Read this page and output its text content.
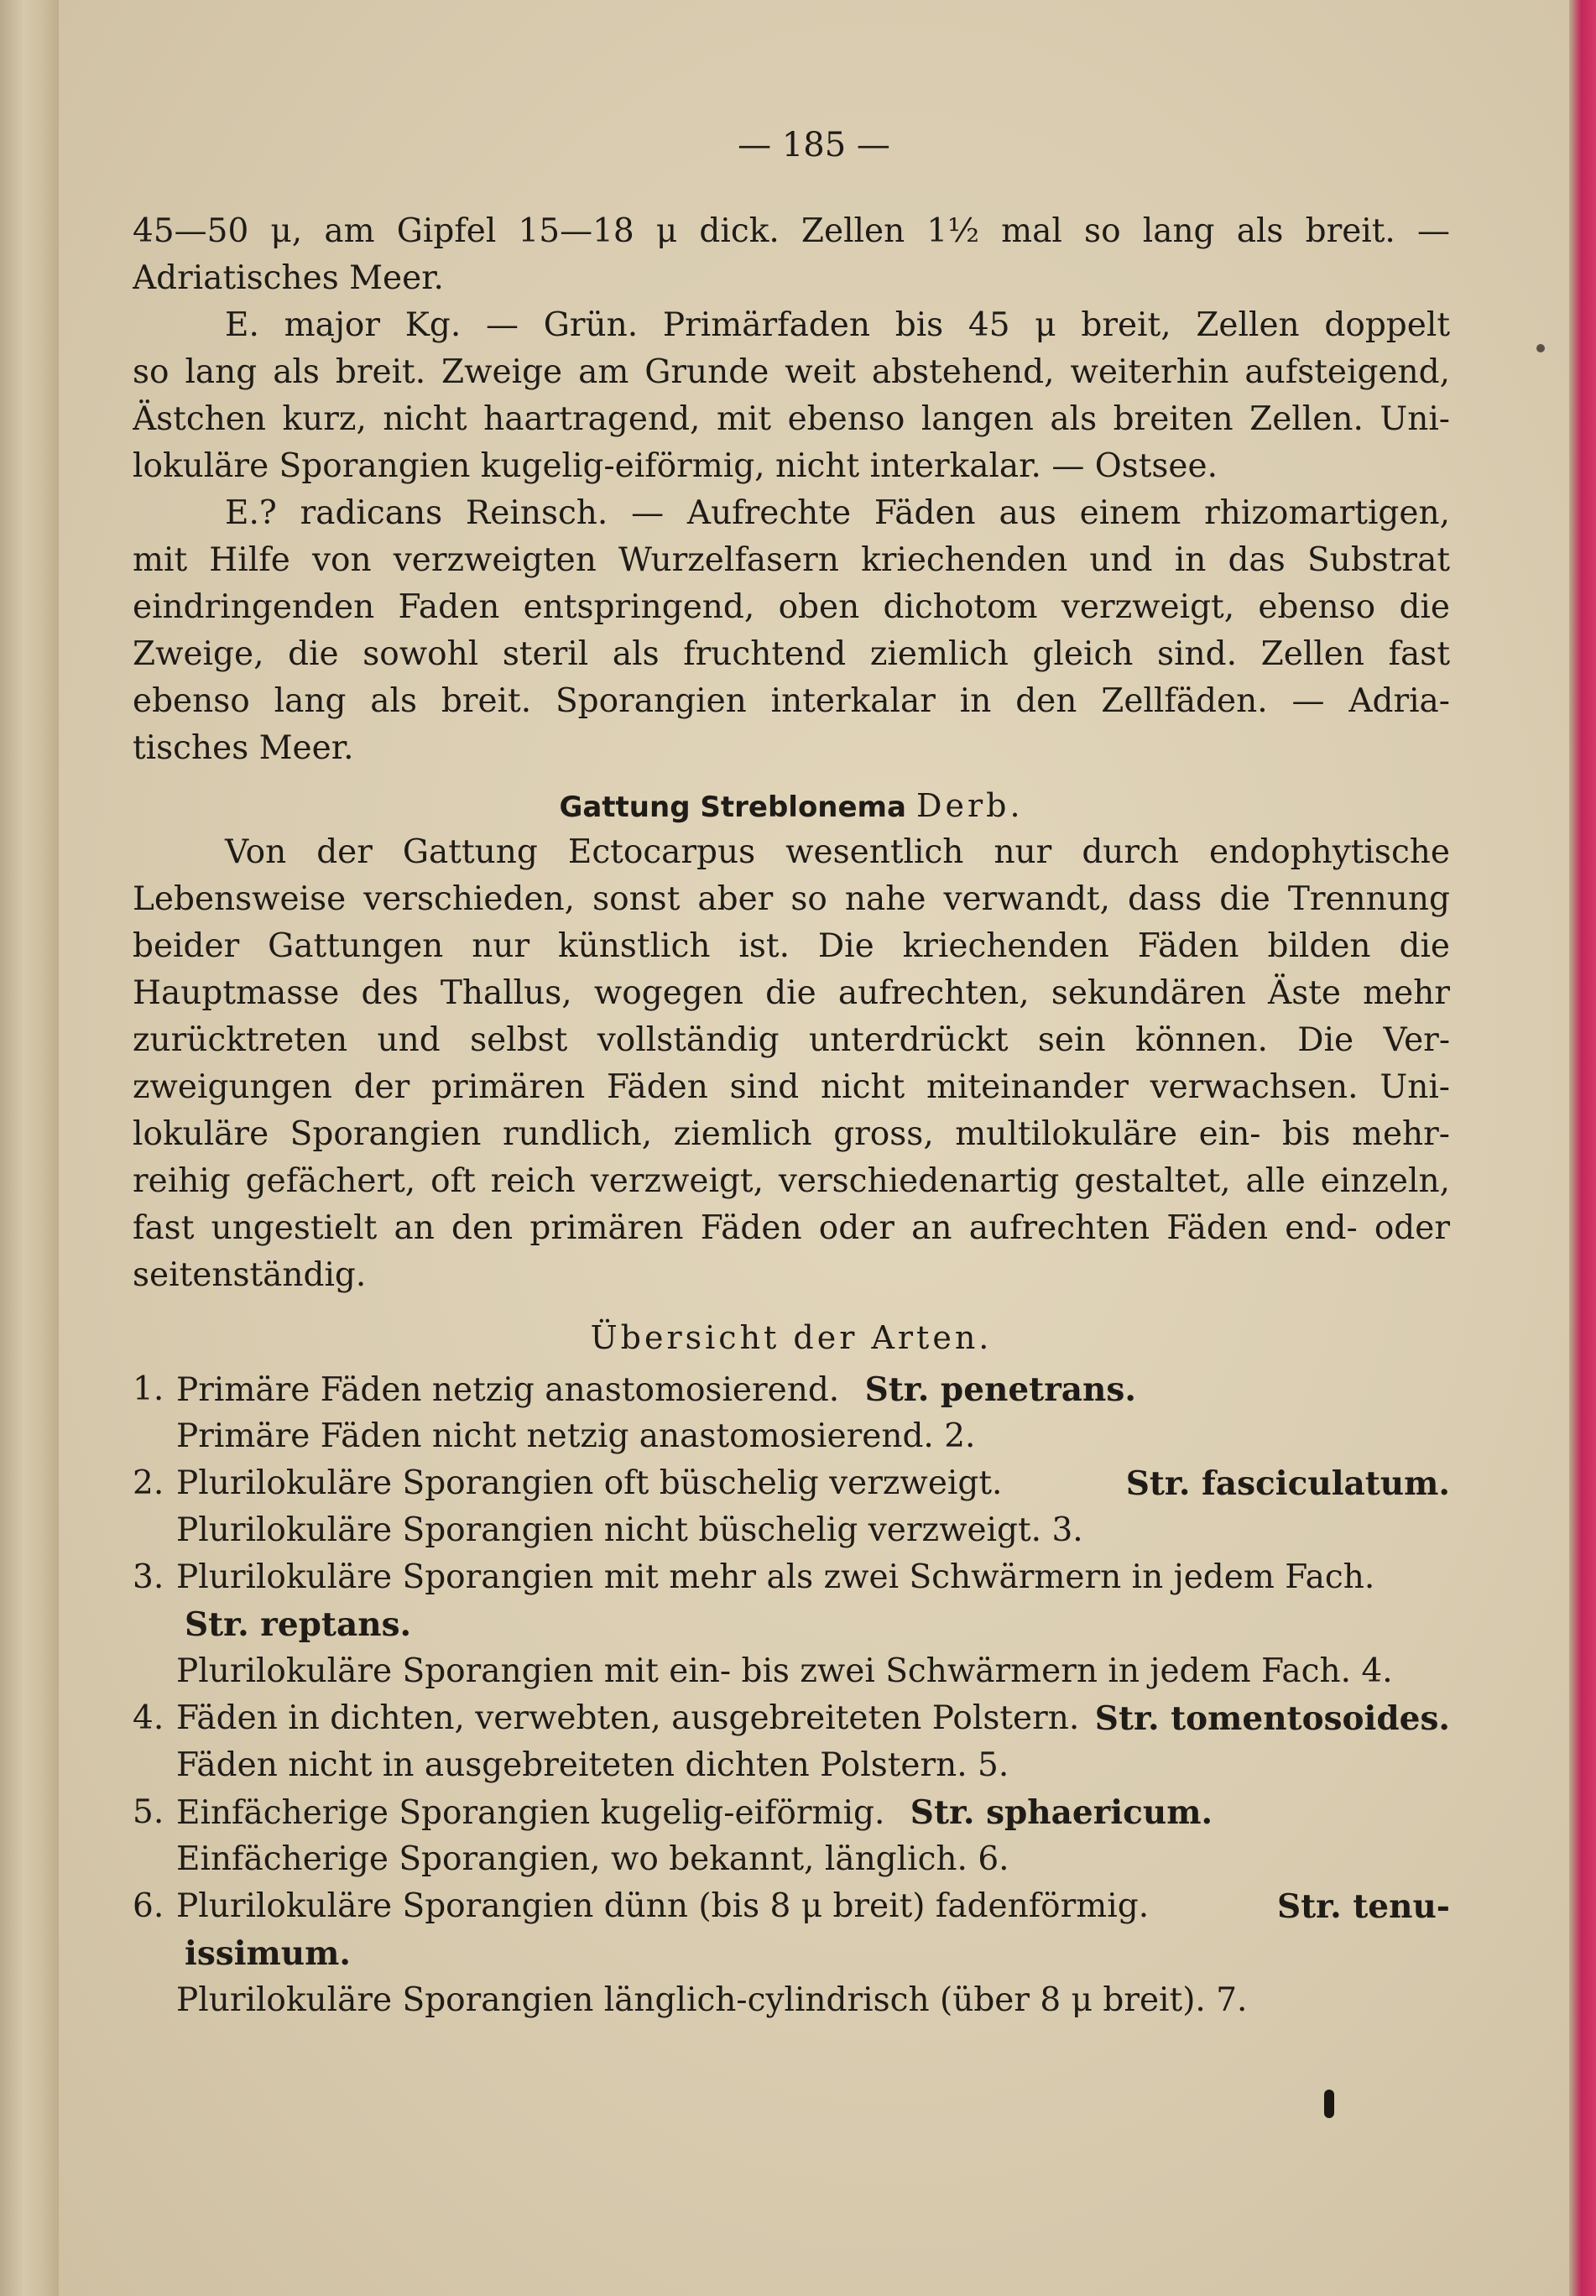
— 185 —
45—50 μ, am Gipfel 15—18 μ dick. Zellen 1½ mal so lang als breit. —
Adriatisches Meer.
E. major Kg. — Grün. Primärfaden bis 45 μ breit, Zellen doppelt
so lang als breit. Zweige am Grunde weit abstehend, weiterhin aufsteigend,
Ästchen kurz, nicht haartragend, mit ebenso langen als breiten Zellen. Uni-
lokuläre Sporangien kugelig-eiförmig, nicht interkalar. — Ostsee.
E.? radicans Reinsch. — Aufrechte Fäden aus einem rhizomartigen,
mit Hilfe von verzweigten Wurzelfasern kriechenden und in das Substrat
eindringenden Faden entspringend, oben dichotom verzweigt, ebenso die
Zweige, die sowohl steril als fruchtend ziemlich gleich sind. Zellen fast
ebenso lang als breit. Sporangien interkalar in den Zellfäden. — Adria-
tisches Meer.
Gattung Streblonema Derb.
Von der Gattung Ectocarpus wesentlich nur durch endophytische
Lebensweise verschieden, sonst aber so nahe verwandt, dass die Trennung
beider Gattungen nur künstlich ist. Die kriechenden Fäden bilden die
Hauptmasse des Thallus, wogegen die aufrechten, sekundären Äste mehr
zurücktreten und selbst vollständig unterdrückt sein können. Die Ver-
zweigungen der primären Fäden sind nicht miteinander verwachsen. Uni-
lokuläre Sporangien rundlich, ziemlich gross, multilokuläre ein- bis mehr-
reihig gefächert, oft reich verzweigt, verschiedenartig gestaltet, alle einzeln,
fast ungestielt an den primären Fäden oder an aufrechten Fäden end- oder
seitenständig.
Übersicht der Arten.
1. Primäre Fäden netzig anastomosierend. Str. penetrans.
Primäre Fäden nicht netzig anastomosierend. 2.
2. Plurilokuläre Sporangien oft büschelig verzweigt.	Str. fasciculatum.
Plurilokuläre Sporangien nicht büschelig verzweigt. 3.
3. Plurilokuläre Sporangien mit mehr als zwei Schwärmern in jedem Fach.
Str. reptans.
Plurilokuläre Sporangien mit ein- bis zwei Schwärmern in jedem Fach. 4.
4. Fäden in dichten, verwebten, ausgebreiteten Polstern. Str. tomentosoides.
Fäden nicht in ausgebreiteten dichten Polstern. 5.
5. Einfächerige Sporangien kugelig-eiförmig. Str. sphaericum.
Einfächerige Sporangien, wo bekannt, länglich. 6.
6. Plurilokuläre Sporangien dünn (bis 8 μ breit) fadenförmig.	Str. tenu-
issimum.
Plurilokuläre Sporangien länglich-cylindrisch (über 8 μ breit). 7.
